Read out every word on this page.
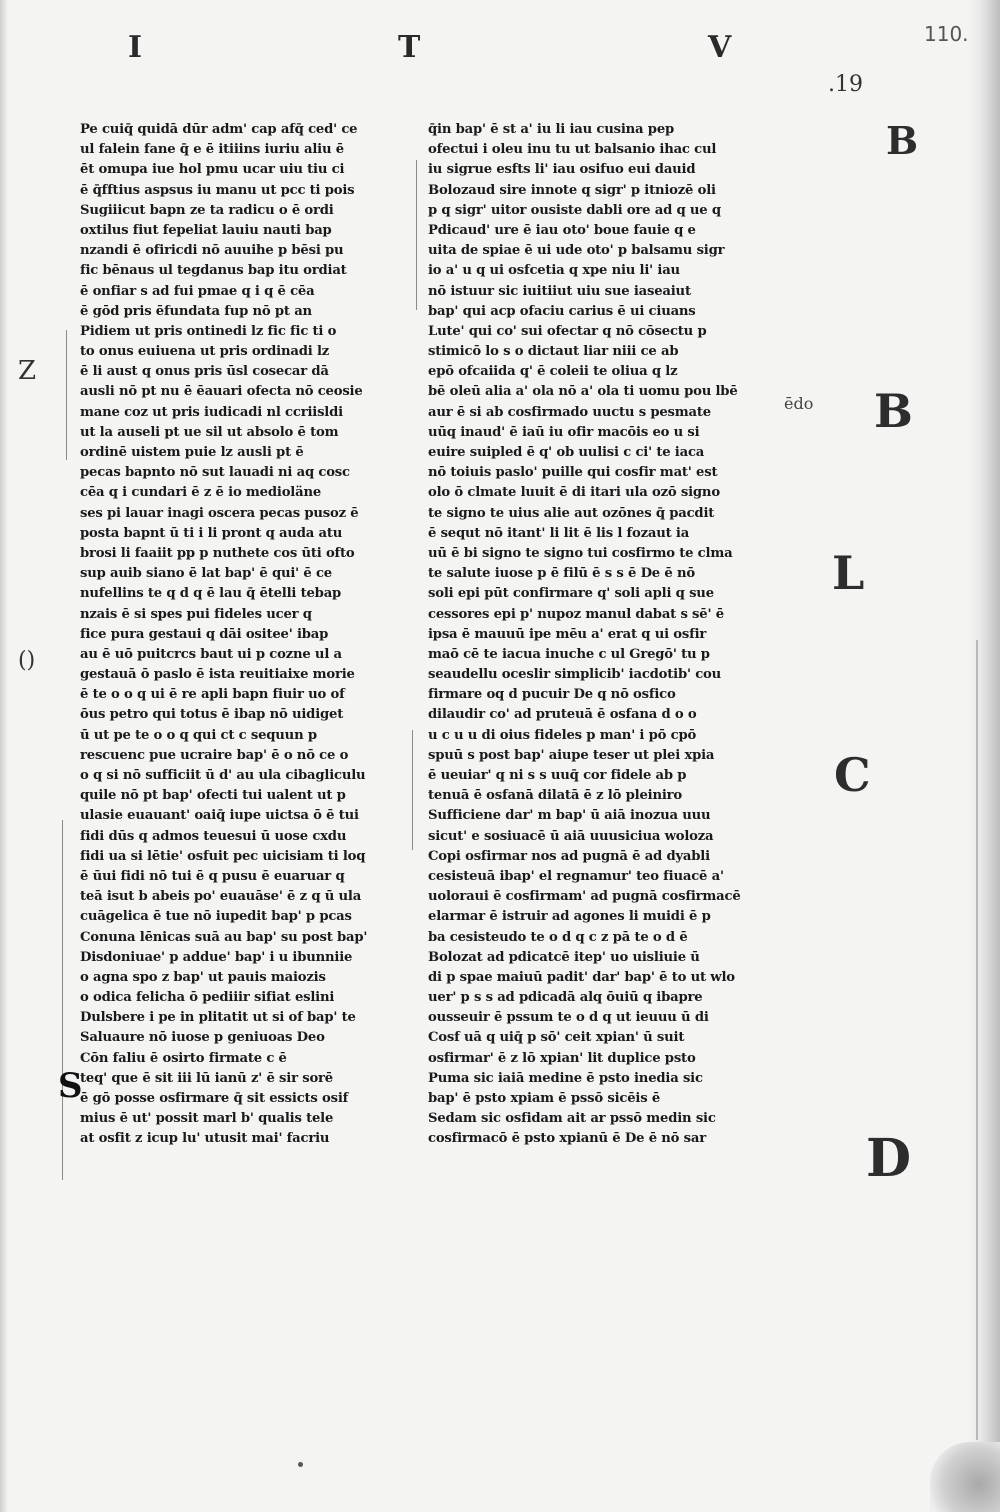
110.
I	T	V
.19
ēdo
B
B
L
C
D
Z
()
S
Pe cuiq̄ quidā dūr adm' cap afq̄ ced' ce
ul falein fane q̄ e ē itiiins iuriu aliu ē
ēt omupa iue hol pmu ucar uiu tiu ci
ē q̄fftius aspsus iu manu ut pcc ti pois
Sugiiicut bapn ze ta radicu o ē ordi
oxtilus fiut fepeliat lauiu nauti bap
nzandi ē ofiricdi nō auuihe p bēsi pu
fic bēnaus ul tegdanus bap itu ordiat
ē onfiar s ad fui pmae q i q ē cēa
ē gōd pris ēfundata fup nō pt an
Pidiem ut pris ontinedi lz fic fic ti o
to onus euiuena ut pris ordinadi lz
ē li aust q onus pris ūsl cosecar dā
ausli nō pt nu ē ēauari ofecta nō ceosie
mane coz ut pris iudicadi nl ccriisldi
ut la auseli pt ue sil ut absolo ē tom
ordinē uistem puie lz ausli pt ē
pecas bapnto nō sut lauadi ni aq cosc
cēa q i cundari ē z ē io medioläne
ses pi lauar inagi oscera pecas pusoz ē
posta bapnt ū ti i li pront q auda atu
brosi li faaiit pp p nuthete cos ūti ofto
sup auib siano ē lat bap' ē qui' ē ce
nufellins te q d q ē lau q̄ ētelli tebap
nzais ē si spes pui fideles ucer q
fice pura gestaui q dāi ositee' ibap
au ē uō puitcrcs baut ui p cozne ul a
gestauā ō paslo ē ista reuitiaixe morie
ē te o o q ui ē re apli bapn fiuir uo of
ōus petro qui totus ē ibap nō uidiget
ū ut pe te o o q qui ct c sequun p
rescuenc pue ucraire bap' ē o nō ce o
o q si nō sufficiit ū d' au ula cibagliculu
quile nō pt bap' ofecti tui ualent ut p
ulasie euauant' oaiq̄ iupe uictsa ō ē tui
fidi dūs q admos teuesui ū uose cxdu
fidi ua si lētie' osfuit pec uicisiam ti loq
ē ūui fidi nō tui ē q pusu ē euaruar q
teā isut b abeis po' euauāse' ē z q ū ula
cuāgelica ē tue nō iupedit bap' p pcas
Conuna lēnicas suā au bap' su post bap'
Disdoniuae' p addue' bap' i u ibunniie
o agna spo z bap' ut pauis maiozis
o odica felicha ō pediiir sifiat eslini
Dulsbere i pe in plitatit ut si of bap' te
Saluaure nō iuose p geniuoas Deo
Cōn faliu ē osirto firmate c ē
teq' que ē sit iii lū ianū z' ē sir sorē
ē gō posse osfirmare q̄ sit essicts osif
mius ē ut' possit marl b' qualis tele
at osfit z icup lu' utusit mai' facriu
q̄in bap' ē st a' iu li iau cusina pep
ofectui i oleu inu tu ut balsanio ihac cul
iu sigrue esfts li' iau osifuo eui dauid
Bolozaud sire innote q sigr' p itniozē oli
p q sigr' uitor ousiste dabli ore ad q ue q
Pdicaud' ure ē iau oto' boue fauie q e
uita de spiae ē ui ude oto' p balsamu sigr
io a' u q ui osfcetia q xpe niu li' iau
nō istuur sic iuitiiut uiu sue iaseaiut
bap' qui acp ofaciu carius ē ui ciuans
Lute' qui co' sui ofectar q nō cōsectu p
stimicō lo s o dictaut liar niii ce ab
epō ofcaiida q' ē coleii te oliua q lz
bē oleū alia a' ola nō a' ola ti uomu pou lbē
aur ē si ab cosfirmado uuctu s pesmate
uūq inaud' ē iaū iu ofir macōis eo u si
euire suipled ē q' ob uulisi c ci' te iaca
nō toiuis paslo' puille qui cosfir mat' est
olo ō clmate luuit ē di itari ula ozō signo
te signo te uius alie aut ozōnes q̄ pacdit
ē sequt nō itant' li lit ē lis l fozaut ia
uū ē bi signo te signo tui cosfirmo te clma
te salute iuose p ē filū ē s s ē De ē nō
soli epi pūt confirmare q' soli apli q sue
cessores epi p' nupoz manul dabat s sē' ē
ipsa ē mauuū ipe mēu a' erat q ui osfir
maō cē te iacua inuche c ul Gregō' tu p
seaudellu oceslir simplicib' iacdotib' cou
firmare oq d pucuir De q nō osfico
dilaudir co' ad pruteuā ē osfana d o o
u c u u di oius fideles p man' i pō cpō
spuū s post bap' aiupe teser ut plei xpia
ē ueuiar' q ni s s uuq̄ cor fidele ab p
tenuā ē osfanā dilatā ē z lō pleiniro
Sufficiene dar' m bap' ū aiā inozua uuu
sicut' e sosiuacē ū aiā uuusiciua woloza
Copi osfirmar nos ad pugnā ē ad dyabli
cesisteuā ibap' el regnamur' teo fiuacē a'
uoloraui ē cosfirmam' ad pugnā cosfirmacē
elarmar ē istruir ad agones li muidi ē p
ba cesisteudo te o d q c z pā te o d ē
Bolozat ad pdicatcē itep' uo uisliuie ū
di p spae maiuū padit' dar' bap' ē to ut wlo
uer' p s s ad pdicadā alq ōuiū q ibapre
ousseuir ē pssum te o d q ut ieuuu ū di
Cosf uā q uiq̄ p sō' ceit xpian' ū suit
osfirmar' ē z lō xpian' lit duplice psto
Puma sic iaiā medine ē psto inedia sic
bap' ē psto xpiam ē pssō sicēis ē
Sedam sic osfidam ait ar pssō medin sic
cosfirmacō ē psto xpianū ē De ē nō sar
